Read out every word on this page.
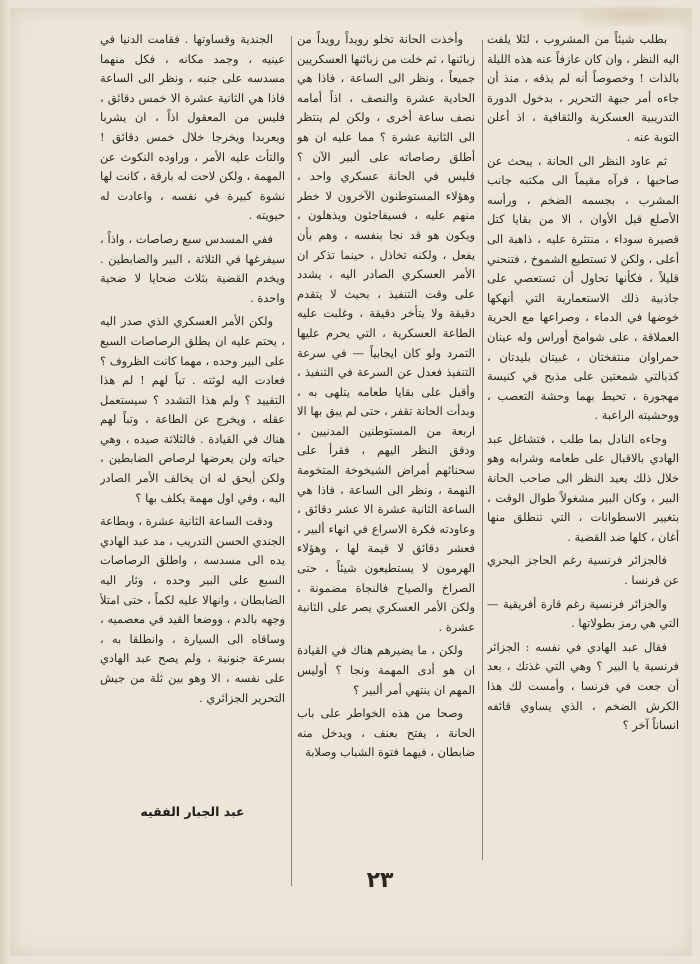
بطلب شيئاً من المشروب ، لئلا يلفت اليه النظر ، وان كان عازفاً عنه هذه الليلة بالذات ! وخصوصاً أنه لم يذقه ، منذ أن جاءه أمر جبهة التحرير ، بدخول الدورة التدريبية العسكرية والثقافية ، اذ أعلن التوبة عنه .

ثم عاود النظر الى الحانة ، يبحث عن صاحبها ، فرآه مقيماً الى مكتبه جانب المشرب ، بجسمه الضخم ، ورأسه الأصلع قبل الأوان ، الا من بقايا كتل قصيرة سوداء ، منتثرة عليه ، ذاهبة الى أعلى ، ولكن لا تستطيع الشموخ ، فتنحني قليلاً ، فكأنها تحاول أن تستعصي على جاذبية ذلك الاستعمارية التي أنهكها خوضها في الدماء ، وصراعها مع الحرية العملاقة ، على شوامخ أوراس وله عينان حمراوان منتفختان ، غبيتان بليدتان ، كذبالتي شمعتين على مذبح في كنيسة مهجورة ، تحيط بهما وحشة التعصب ، ووحشيته الراعبة .

وجاءه النادل بما طلب ، فتشاغل عبد الهادي بالاقبال على طعامه وشرابه وهو خلال ذلك يعيد النظر الى صاحب الحانة البير ، وكان البير مشغولاً طوال الوقت ، بتغيير الاسطوانات ، التي تنطلق منها أغان ، كلها ضد القضية .

فالجزائر فرنسية رغم الحاجز البحري عن فرنسا .

والجزائر فرنسية رغم قارة أفريقية — التي هي رمز بطولاتها .

فقال عبد الهادي في نفسه : الجزائر فرنسية يا البير ؟ وهي التي غذتك ، بعد أن جعت في فرنسا ، وأمست لك هذا الكرش الضخم ، الذي يساوي قائفه انساناً آخر ؟

وأخذت الحانة تخلو رويداً رويداً من زبائنها ، ثم خلت من زبائنها العسكريين جميعاً ، ونظر الى الساعة ، فاذا هي الحادية عشرة والنصف ، اذاً أمامه نصف ساعة أخرى ، ولكن لم ينتظر الى الثانية عشرة ؟ مما عليه ان هو أطلق رصاصاته على ألبير الآن ؟ فليس في الحانة عسكري واحد ، وهؤلاء المستوطنون الآخرون لا خطر منهم عليه ، فسيفاجئون ويذهلون ، ويكون هو قد نجا بنفسه ، وهم بأن يفعل ، ولكنه تخاذل ، حينما تذكر ان الأمر العسكري الصادر اليه ، يشدد على وقت التنفيذ ، بحيث لا يتقدم دقيقة ولا يتأخر دقيقة ، وغلبت عليه الطاعة العسكرية ، التي يحرم عليها التمرد ولو كان ايجابياً — في سرعة التنفيذ فعدل عن السرعة في التنفيذ ، وأقبل على بقايا طعامه يتلهى به ، وبدأت الحانة تقفر ، حتى لم يبق بها الا اربعة من المستوطنين المدنيين ، ودقق النظر اليهم ، فقرأ على سحنائهم أمراض الشيخوخة المتخومة النهمة ، ونظر الى الساعة ، فاذا هي الساعة الثانية عشرة الا عشر دقائق ، وعاودته فكرة الاسراع في انهاء ألبير ، فعشر دقائق لا قيمة لها ، وهؤلاء الهرمون لا يستطيعون شيئاً ، حتى الصراخ والصياح فالنجاة مضمونة ، ولكن الأمر العسكري يصر على الثانية عشرة .

ولكن ، ما يضيرهم هناك في القيادة ان هو أدى المهمة ونجا ؟ أوليس المهم ان ينتهي أمر ألبير ؟

وصحا من هذه الخواطر على باب الحانة ، يفتح بعنف ، ويدخل منه ضابطان ، فيهما فتوة الشباب وصلابة

الجندية وقساوتها . فقامت الدنيا في عينيه ، وجمد مكانه ، فكل منهما مسدسه على جنبه ، ونظر الى الساعة فاذا هي الثانية عشرة الا خمس دقائق ، فليس من المعقول اذاً ، ان يشربا ويعربدا ويخرجا خلال خمس دقائق ! والتأث عليه الأمر ، وراوده النكوث عن المهمة ، ولكن لاحت له بارقة ، كانت لها نشوة كبيرة في نفسه ، واعادت له حيويته .

ففي المسدس سبع رصاصات ، واذاً ، سيفرغها في الثلاثة ، البير والضابطين . ويخدم القضية بثلاث ضحايا لا ضحية واحدة .

ولكن الأمر العسكري الذي صدر اليه ، يحتم عليه ان يطلق الرصاصات السبع على البير وحده ، مهما كانت الظروف ؟ فعادت اليه لوثته . تباً لهم ! لم هذا التقييد ؟ ولم هذا التشدد ؟ سيستعمل عقله ، ويخرج عن الطاعة ، وتباً لهم هناك في القيادة . فالثلاثة صيده ، وهي حياته ولن يعرضها لرصاص الضابطين ، ولكن أيحق له ان يخالف الأمر الصادر اليه ، وفي اول مهمة يكلف بها ؟

ودقت الساعة الثانية عشرة ، وبطاعة الجندي الحسن التدريب ، مد عبد الهادي يده الى مسدسه ، واطلق الرصاصات السبع على البير وحده ، وثار اليه الضابطان ، وانهالا عليه لكماً ، حتى امتلأ وجهه بالدم ، ووضعا القيد في معصميه ، وساقاه الى السيارة ، وانطلقا به ، بسرعة جنونية ، ولم يصح عبد الهادي على نفسه ، الا وهو بين ثلة من جيش التحرير الجزائري .

عبد الجبار الفقيه
٢٣
